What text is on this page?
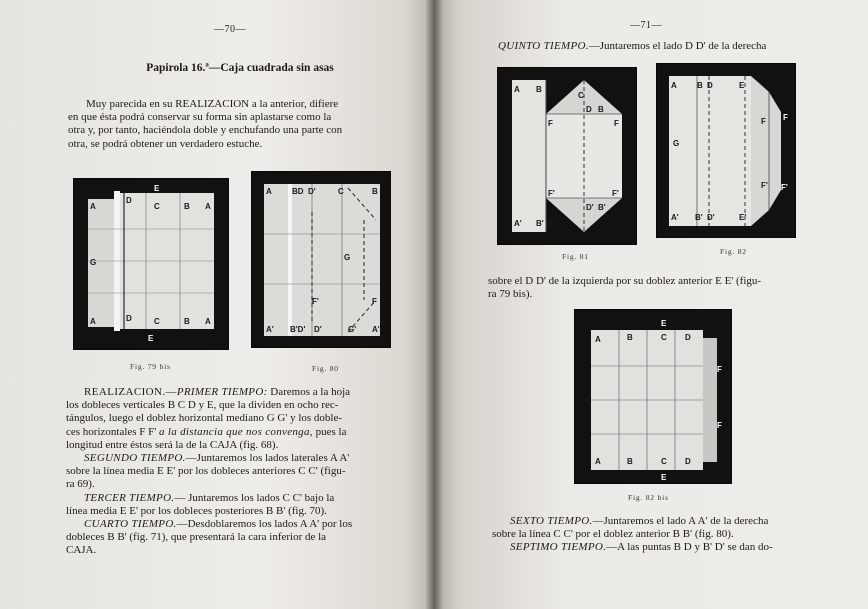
—70—
Papirola 16.ª—Caja cuadrada sin asas
Muy parecida en su REALIZACION a la anterior, difiere
en que ésta podrá conservar su forma sin aplastarse como la
otra y, por tanto, haciéndola doble y enchufando una parte con
otra, se podrá obtener un verdadero estuche.
A
D
E
C	B A
G
A	D	C	B A
E
Fig. 79 bis
A	BD D'	C	B
G
F'	F
A' B'D' D'	G' A'
Fig. 80
REALIZACION.—PRIMER TIEMPO: Daremos a la hoja
los dobleces verticales B C D y E, que la dividen en ocho rec-
tángulos, luego el doblez horizontal mediano G G' y los doble-
ces horizontales F F' a la distancia que nos convenga, pues la
longitud entre éstos será la de la CAJA (fig. 68).
SEGUNDO TIEMPO.—Juntaremos los lados laterales A A'
sobre la línea media E E' por los dobleces anteriores C C' (figu-
ra 69).
TERCER TIEMPO.— Juntaremos los lados C C' bajo la
línea media E E' por los dobleces posteriores B B' (fig. 70).
CUARTO TIEMPO.—Desdoblaremos los lados A A' por los
dobleces B B' (fig. 71), que presentará la cara inferior de la
CAJA.
—71—
QUINTO TIEMPO.—Juntaremos el lado D D' de la derecha
A B D
C
D B
F	F
F'	F'
A' B' D'
D' B'
Fig. 81
A	B D	E
G
F F
F' F'
A' B' D'	E'
Fig. 82
sobre el D D' de la izquierda por su doblez anterior E E' (figu-
ra 79 bis).
E
A	B	C D
F
F
A	B	C D
E
Fig. 82 bis
SEXTO TIEMPO.—Juntaremos el lado A A' de la derecha
sobre la línea C C' por el doblez anterior B B' (fig. 80).
SEPTIMO TIEMPO.—A las puntas B D y B' D' se dan do-
